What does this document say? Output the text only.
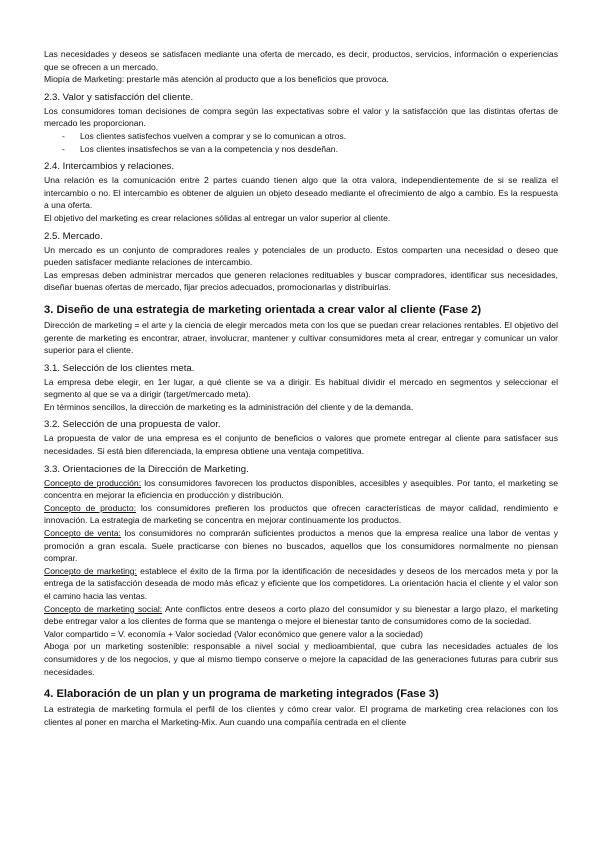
Las necesidades y deseos se satisfacen mediante una oferta de mercado, es decir, productos, servicios, información o experiencias que se ofrecen a un mercado.

Miopía de Marketing: prestarle más atención al producto que a los beneficios que provoca.

2.3. Valor y satisfacción del cliente.

Los consumidores toman decisiones de compra según las expectativas sobre el valor y la satisfacción que las distintas ofertas de mercado les proporcionan.

- Los clientes satisfechos vuelven a comprar y se lo comunican a otros.
- Los clientes insatisfechos se van a la competencia y nos desdeñan.
2.4. Intercambios y relaciones.

Una relación es la comunicación entre 2 partes cuando tienen algo que la otra valora, independientemente de si se realiza el intercambio o no. El intercambio es obtener de alguien un objeto deseado mediante el ofrecimiento de algo a cambio. Es la respuesta a una oferta.

El objetivo del marketing es crear relaciones sólidas al entregar un valor superior al cliente.

2.5. Mercado.

Un mercado es un conjunto de compradores reales y potenciales de un producto. Estos comparten una necesidad o deseo que pueden satisfacer mediante relaciones de intercambio.

Las empresas deben administrar mercados que generen relaciones redituables y buscar compradores, identificar sus necesidades, diseñar buenas ofertas de mercado, fijar precios adecuados, promocionarlas y distribuirlas.

3. Diseño de una estrategia de marketing orientada a crear valor al cliente (Fase 2)

Dirección de marketing = el arte y la ciencia de elegir mercados meta con los que se puedan crear relaciones rentables. El objetivo del gerente de marketing es encontrar, atraer, involucrar, mantener y cultivar consumidores meta al crear, entregar y comunicar un valor superior para el cliente.

3.1. Selección de los clientes meta.

La empresa debe elegir, en 1er lugar, a qué cliente se va a dirigir. Es habitual dividir el mercado en segmentos y seleccionar el segmento al que se va a dirigir (target/mercado meta).

En términos sencillos, la dirección de marketing es la administración del cliente y de la demanda.

3.2. Selección de una propuesta de valor.

La propuesta de valor de una empresa es el conjunto de beneficios o valores que promete entregar al cliente para satisfacer sus necesidades. Si está bien diferenciada, la empresa obtiene una ventaja competitiva.

3.3. Orientaciones de la Dirección de Marketing.

Concepto de producción: los consumidores favorecen los productos disponibles, accesibles y asequibles. Por tanto, el marketing se concentra en mejorar la eficiencia en producción y distribución.

Concepto de producto: los consumidores prefieren los productos que ofrecen características de mayor calidad, rendimiento e innovación. La estrategia de marketing se concentra en mejorar continuamente los productos.

Concepto de venta: los consumidores no comprarán suficientes productos a menos que la empresa realice una labor de ventas y promoción a gran escala. Suele practicarse con bienes no buscados, aquellos que los consumidores normalmente no piensan comprar.

Concepto de marketing: establece el éxito de la firma por la identificación de necesidades y deseos de los mercados meta y por la entrega de la satisfacción deseada de modo más eficaz y eficiente que los competidores. La orientación hacia el cliente y el valor son el camino hacia las ventas.

Concepto de marketing social: Ante conflictos entre deseos a corto plazo del consumidor y su bienestar a largo plazo, el marketing debe entregar valor a los clientes de forma que se mantenga o mejore el bienestar tanto de consumidores como de la sociedad.

Valor compartido = V. economía + Valor sociedad (Valor económico que genere valor a la sociedad)

Aboga por un marketing sostenible: responsable a nivel social y medioambiental, que cubra las necesidades actuales de los consumidores y de los negocios, y que al mismo tiempo conserve o mejore la capacidad de las generaciones futuras para cubrir sus necesidades.

4. Elaboración de un plan y un programa de marketing integrados (Fase 3)

La estrategia de marketing formula el perfil de los clientes y cómo crear valor. El programa de marketing crea relaciones con los clientes al poner en marcha el Marketing-Mix. Aun cuando una compañía centrada en el cliente
